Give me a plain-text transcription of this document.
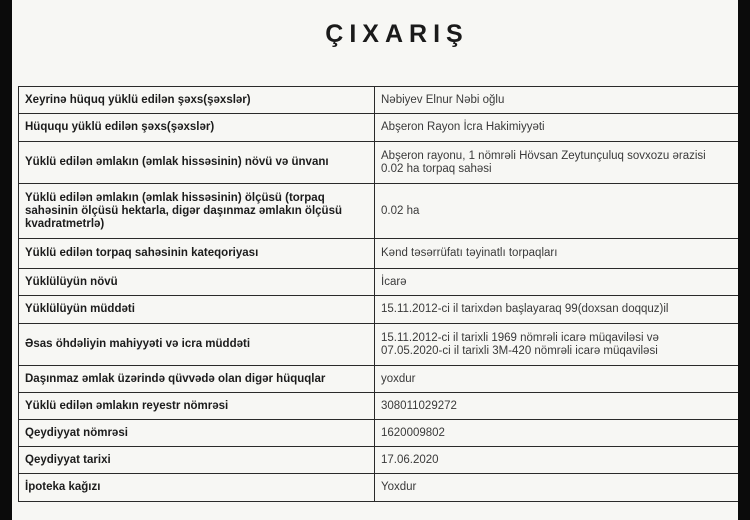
ÇIXARIŞ
Xeyrinə hüquq yüklü edilən şəxs(şəxslər)	Nəbiyev Elnur Nəbi oğlu
Hüququ yüklü edilən şəxs(şəxslər)	Abşeron Rayon İcra Hakimiyyəti
Yüklü edilən əmlakın (əmlak hissəsinin) növü və ünvanı	Abşeron rayonu, 1 nömrəli Hövsan Zeytunçuluq sovxozu ərazisi
0.02 ha torpaq sahəsi
Yüklü edilən əmlakın (əmlak hissəsinin) ölçüsü (torpaq sahəsinin ölçüsü hektarla, digər daşınmaz əmlakın ölçüsü kvadratmetrlə)	0.02 ha
Yüklü edilən torpaq sahəsinin kateqoriyası	Kənd təsərrüfatı təyinatlı torpaqları
Yüklülüyün növü	İcarə
Yüklülüyün müddəti	15.11.2012-ci il tarixdən başlayaraq 99(doxsan doqquz)il
Əsas öhdəliyin mahiyyəti və icra müddəti	15.11.2012-ci il tarixli 1969 nömrəli icarə müqaviləsi və
07.05.2020-ci il tarixli 3M-420 nömrəli icarə müqaviləsi
Daşınmaz əmlak üzərində qüvvədə olan digər hüquqlar	yoxdur
Yüklü edilən əmlakın reyestr nömrəsi	308011029272
Qeydiyyat nömrəsi	1620009802
Qeydiyyat tarixi	17.06.2020
İpoteka kağızı	Yoxdur
